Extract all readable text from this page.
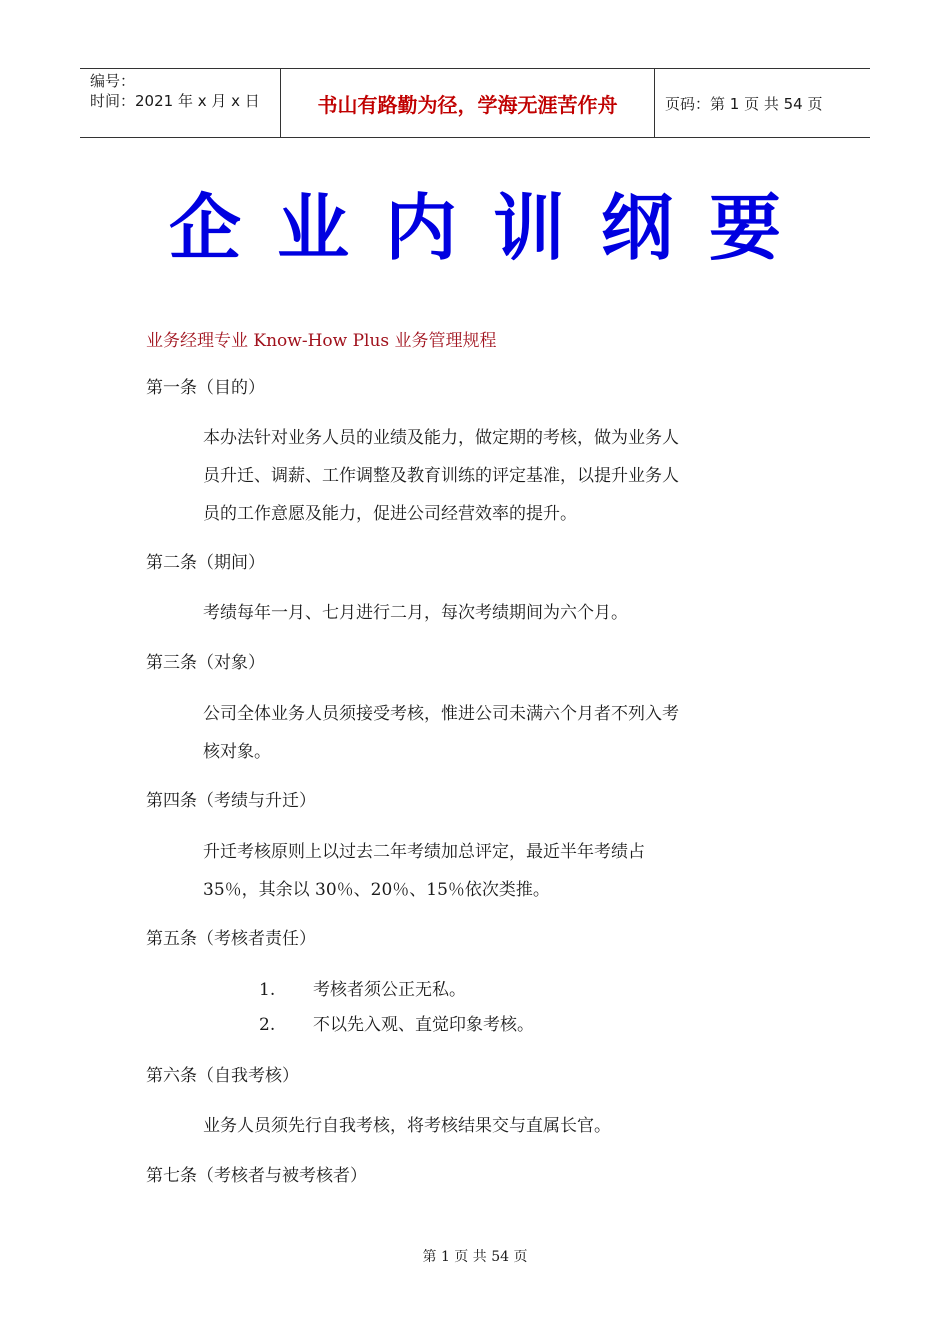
编号：
时间：2021 年 x 月 x 日	书山有路勤为径，学海无涯苦作舟	页码：第 1 页 共 54 页
企业内训纲要
业务经理专业 Know-How Plus 业务管理规程
第一条（目的）
本办法针对业务人员的业绩及能力，做定期的考核，做为业务人
员升迁、调薪、工作调整及教育训练的评定基准，以提升业务人
员的工作意愿及能力，促进公司经营效率的提升。
第二条（期间）
考绩每年一月、七月进行二月，每次考绩期间为六个月。
第三条（对象）
公司全体业务人员须接受考核，惟进公司未满六个月者不列入考
核对象。
第四条（考绩与升迁）
升迁考核原则上以过去二年考绩加总评定，最近半年考绩占
35％，其余以 30％、20％、15％依次类推。
第五条（考核者责任）
1. 考核者须公正无私。
2. 不以先入观、直觉印象考核。
第六条（自我考核）
业务人员须先行自我考核，将考核结果交与直属长官。
第七条（考核者与被考核者）
第 1 页 共 54 页
